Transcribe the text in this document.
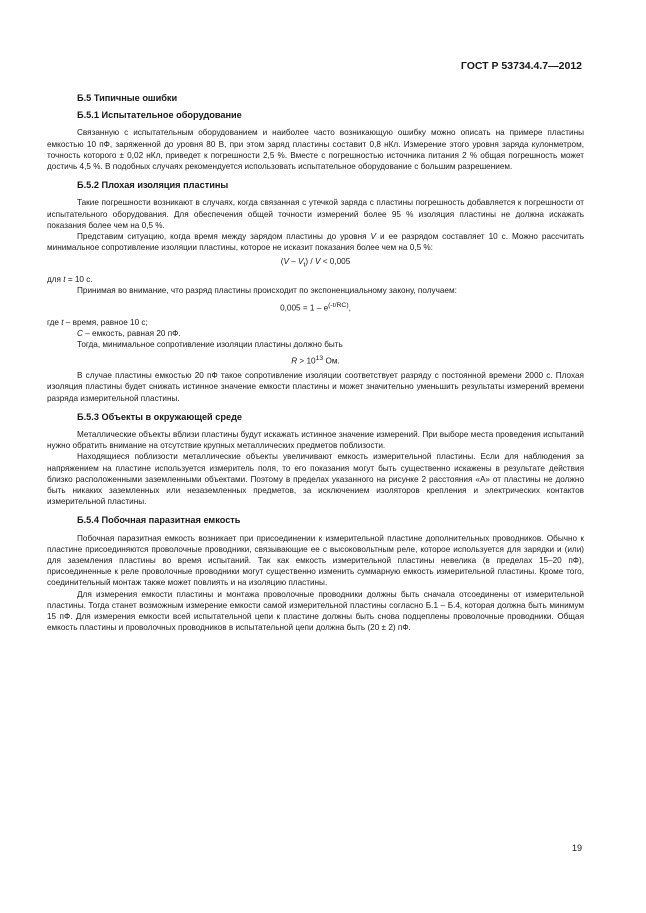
ГОСТ Р 53734.4.7—2012
Б.5 Типичные ошибки
Б.5.1 Испытательное оборудование

Связанную с испытательным оборудованием и наиболее часто возникающую ошибку можно описать на примере пластины емкостью 10 пФ, заряженной до уровня 80 В, при этом заряд пластины составит 0,8 нКл. Измерение этого уровня заряда кулонметром, точность которого ± 0,02 нКл, приведет к погрешности 2,5 %. Вместе с погрешностью источника питания 2 % общая погрешность может достичь 4,5 %. В подобных случаях рекомендуется использовать испытательное оборудование с большим разрешением.

Б.5.2 Плохая изоляция пластины

Такие погрешности возникают в случаях, когда связанная с утечкой заряда с пластины погрешность добавляется к погрешности от испытательного оборудования. Для обеспечения общей точности измерений более 95 % изоляция пластины не должна искажать показания более чем на 0,5 %.

Представим ситуацию, когда время между зарядом пластины до уровня V и ее разрядом составляет 10 с. Можно рассчитать минимальное сопротивление изоляции пластины, которое не исказит показания более чем на 0,5 %:

$(V - V_t) / V < 0,005$

для t = 10 с.

Принимая во внимание, что разряд пластины происходит по экспоненциальному закону, получаем:

$0,005 = 1 - e^{(-t/RC)}$,

где t – время, равное 10 с;

C – емкость, равная 20 пФ.

Тогда, минимальное сопротивление изоляции пластины должно быть

$R > 10^{13}$ Ом.

В случае пластины емкостью 20 пФ такое сопротивление изоляции соответствует разряду с постоянной времени 2000 с. Плохая изоляция пластины будет снижать истинное значение емкости пластины и может значительно уменьшить результаты измерений времени разряда измерительной пластины.

Б.5.3 Объекты в окружающей среде

Металлические объекты вблизи пластины будут искажать истинное значение измерений. При выборе места проведения испытаний нужно обратить внимание на отсутствие крупных металлических предметов поблизости.

Находящиеся поблизости металлические объекты увеличивают емкость измерительной пластины. Если для наблюдения за напряжением на пластине используется измеритель поля, то его показания могут быть существенно искажены в результате действия близко расположенными заземленными объектами. Поэтому в пределах указанного на рисунке 2 расстояния «А» от пластины не должно быть никаких заземленных или незаземленных предметов, за исключением изоляторов крепления и электрических контактов измерительной пластины.

Б.5.4 Побочная паразитная емкость

Побочная паразитная емкость возникает при присоединении к измерительной пластине дополнительных проводников. Обычно к пластине присоединяются проволочные проводники, связывающие ее с высоковольтным реле, которое используется для зарядки и (или) для заземления пластины во время испытаний. Так как емкость измерительной пластины невелика (в пределах 15–20 пФ), присоединенные к реле проволочные проводники могут существенно изменить суммарную емкость измерительной пластины. Кроме того, соединительный монтаж также может повлиять и на изоляцию пластины.

Для измерения емкости пластины и монтажа проволочные проводники должны быть сначала отсоединены от измерительной пластины. Тогда станет возможным измерение емкости самой измерительной пластины согласно Б.1 – Б.4, которая должна быть минимум 15 пФ. Для измерения емкости всей испытательной цепи к пластине должны быть снова подцеплены проволочные проводники. Общая емкость пластины и проволочных проводников в испытательной цепи должна быть (20 ± 2) пФ.

19
